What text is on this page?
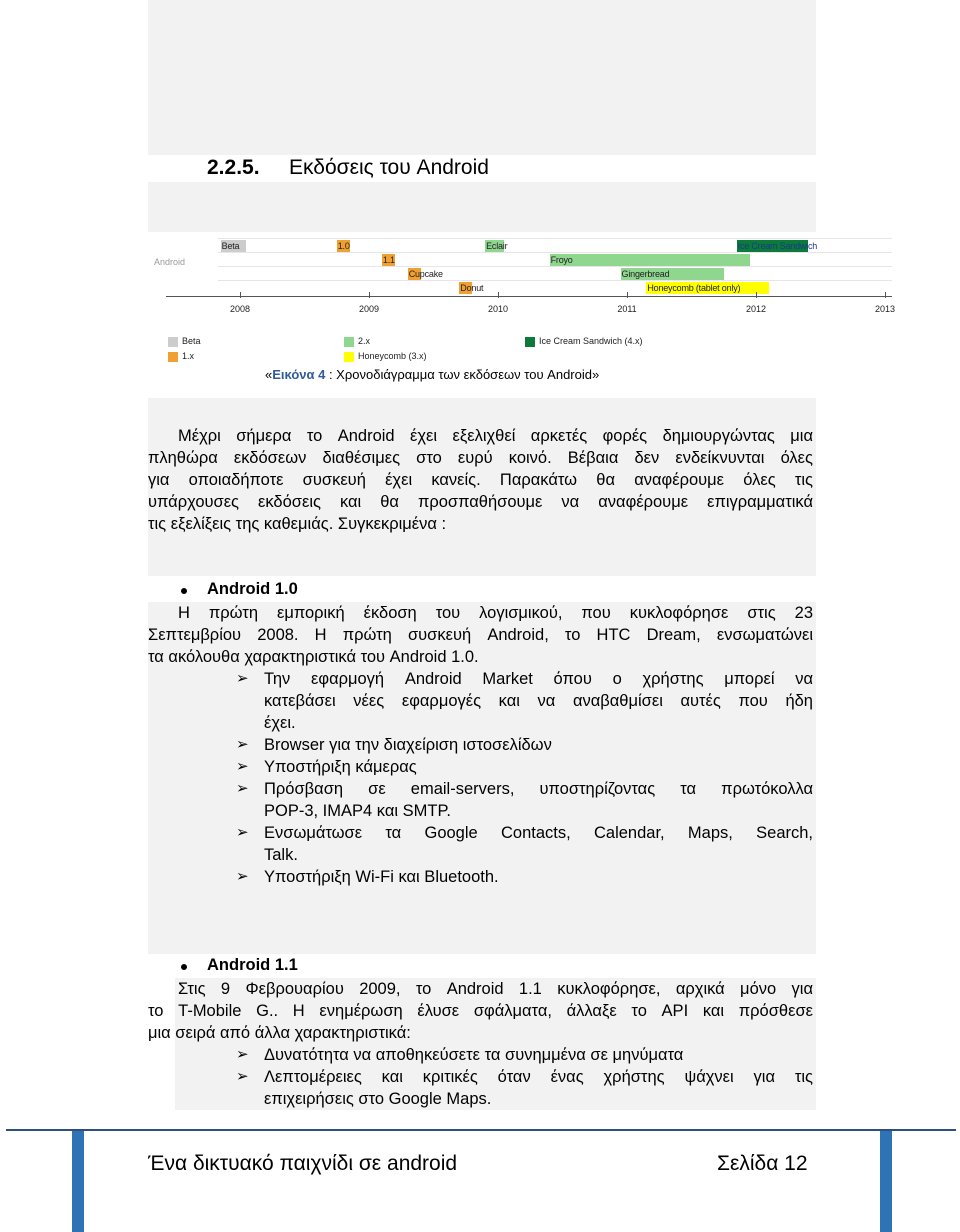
2.2.5. Εκδόσεις του Android
Android
Beta	1.0
1.1
Cupcake
Donut
Eclair
Froyo
Gingerbread
Honeycomb (tablet only)
Ice Cream Sandwich
2008	2009	2010	2011	2012	2013
Beta
1.x
2.x
Honeycomb (3.x)
Ice Cream Sandwich (4.x)
«Εικόνα 4 : Χρονοδιάγραμμα των εκδόσεων του Android»
Μέχρι σήμερα το Android έχει εξελιχθεί αρκετές φορές δημιουργώντας μια
πληθώρα εκδόσεων διαθέσιμες στο ευρύ κοινό. Βέβαια δεν ενδείκνυνται όλες
για οποιαδήποτε συσκευή έχει κανείς. Παρακάτω θα αναφέρουμε όλες τις
υπάρχουσες εκδόσεις και θα προσπαθήσουμε να αναφέρουμε επιγραμματικά
τις εξελίξεις της καθεμιάς. Συγκεκριμένα :
Android 1.0
Η πρώτη εμπορική έκδοση του λογισμικού, που κυκλοφόρησε στις 23
Σεπτεμβρίου 2008. Η πρώτη συσκευή Android, το HTC Dream, ενσωματώνει
τα ακόλουθα χαρακτηριστικά του Android 1.0.
➢ Την εφαρμογή Android Market όπου ο χρήστης μπορεί να
κατεβάσει νέες εφαρμογές και να αναβαθμίσει αυτές που ήδη
έχει.
➢ Browser για την διαχείριση ιστοσελίδων
➢ Υποστήριξη κάμερας
➢ Πρόσβαση σε email-servers, υποστηρίζοντας τα πρωτόκολλα
POP-3, IMAP4 και SMTP.
➢ Ενσωμάτωσε τα Google Contacts, Calendar, Maps, Search,
Talk.
➢ Υποστήριξη Wi-Fi και Bluetooth.
Android 1.1
Στις 9 Φεβρουαρίου 2009, το Android 1.1 κυκλοφόρησε, αρχικά μόνο για
το T-Mobile G.. Η ενημέρωση έλυσε σφάλματα, άλλαξε το API και πρόσθεσε
μια σειρά από άλλα χαρακτηριστικά:
➢ Δυνατότητα να αποθηκεύσετε τα συνημμένα σε μηνύματα
➢ Λεπτομέρειες και κριτικές όταν ένας χρήστης ψάχνει για τις
επιχειρήσεις στο Google Maps.
Ένα δικτυακό παιχνίδι σε android	Σελίδα 12
